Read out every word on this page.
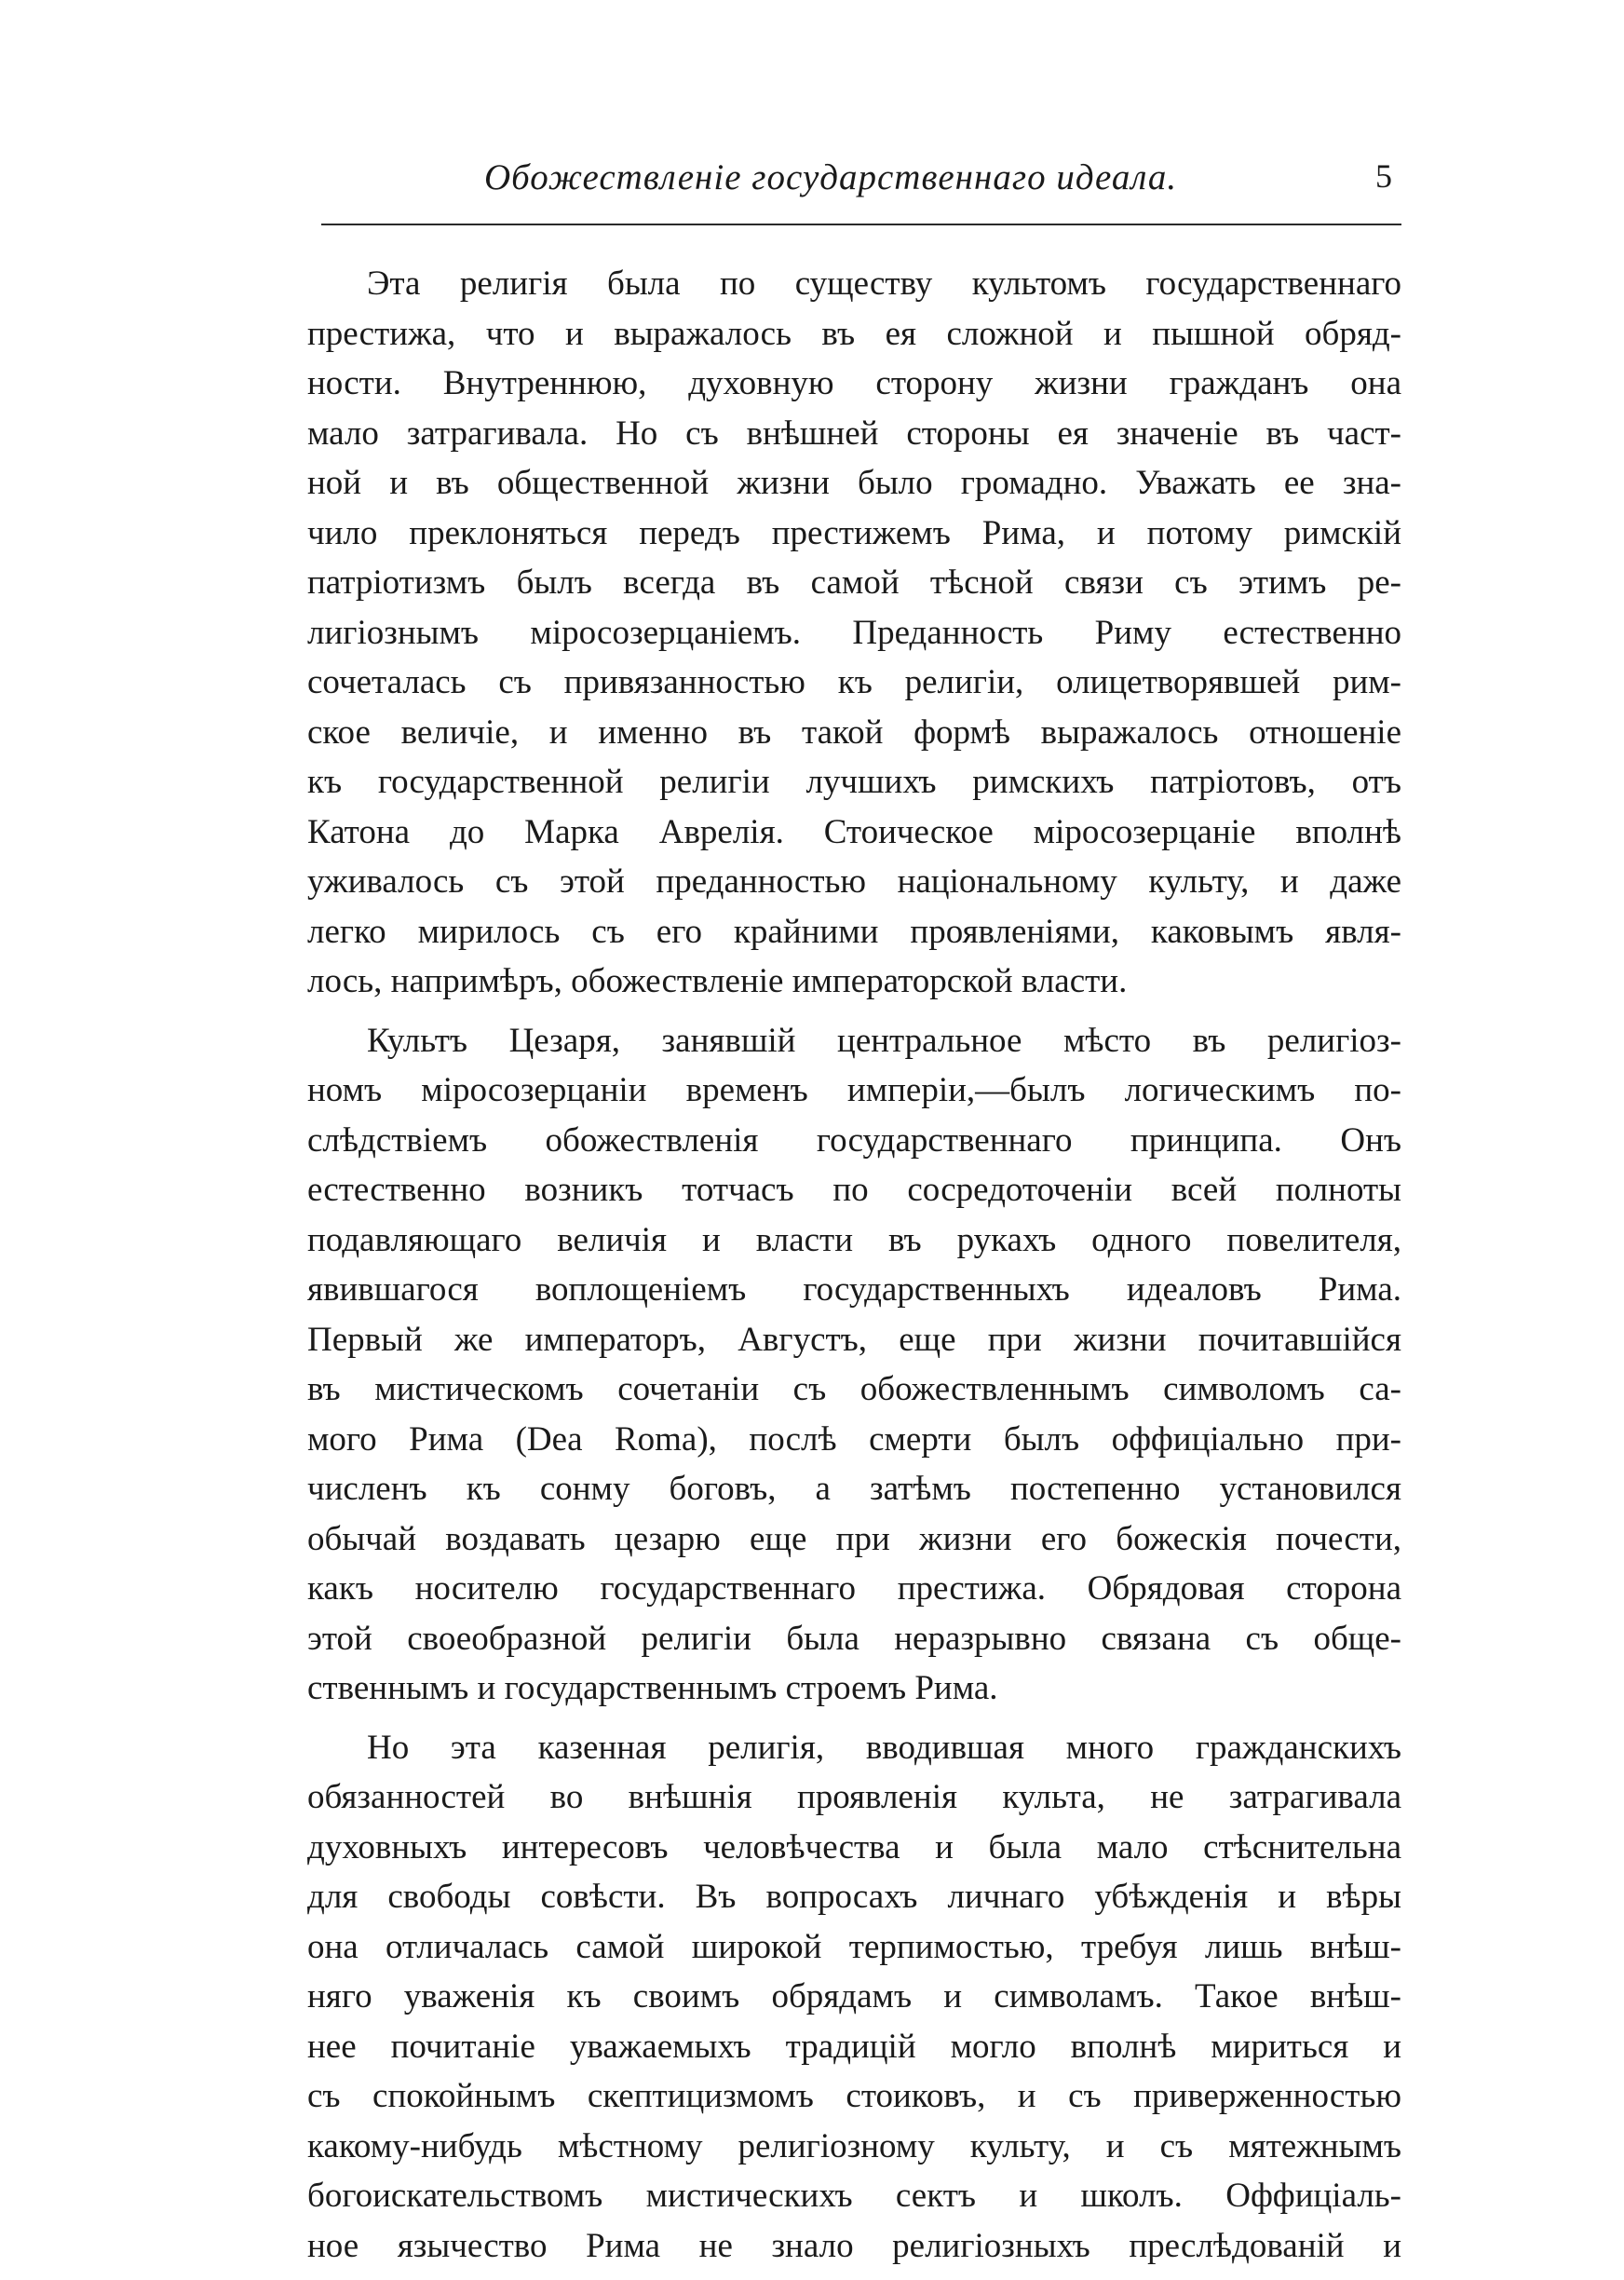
Обожествленіе государственнаго идеала.	5
Эта религія была по существу культомъ государственнаго
престижа, что и выражалось въ ея сложной и пышной обряд-
ности. Внутреннюю, духовную сторону жизни гражданъ она
мало затрагивала. Но съ внѣшней стороны ея значеніе въ част-
ной и въ общественной жизни было громадно. Уважать ее зна-
чило преклоняться передъ престижемъ Рима, и потому римскій
патріотизмъ былъ всегда въ самой тѣсной связи съ этимъ ре-
лигіознымъ міросозерцаніемъ. Преданность Риму естественно
сочеталась съ привязанностью къ религіи, олицетворявшей рим-
ское величіе, и именно въ такой формѣ выражалось отношеніе
къ государственной религіи лучшихъ римскихъ патріотовъ, отъ
Катона до Марка Аврелія. Стоическое міросозерцаніе вполнѣ
уживалось съ этой преданностью національному культу, и даже
легко мирилось съ его крайними проявленіями, каковымъ явля-
лось, напримѣръ, обожествленіе императорской власти.
Культъ Цезаря, занявшій центральное мѣсто въ религіоз-
номъ міросозерцаніи временъ имперіи,—былъ логическимъ по-
слѣдствіемъ обожествленія государственнаго принципа. Онъ
естественно возникъ тотчасъ по сосредоточеніи всей полноты
подавляющаго величія и власти въ рукахъ одного повелителя,
явившагося воплощеніемъ государственныхъ идеаловъ Рима.
Первый же императоръ, Августъ, еще при жизни почитавшійся
въ мистическомъ сочетаніи съ обожествленнымъ символомъ са-
мого Рима (Dea Roma), послѣ смерти былъ оффиціально при-
численъ къ сонму боговъ, а затѣмъ постепенно установился
обычай воздавать цезарю еще при жизни его божескія почести,
какъ носителю государственнаго престижа. Обрядовая сторона
этой своеобразной религіи была неразрывно связана съ обще-
ственнымъ и государственнымъ строемъ Рима.
Но эта казенная религія, вводившая много гражданскихъ
обязанностей во внѣшнія проявленія культа, не затрагивала
духовныхъ интересовъ человѣчества и была мало стѣснительна
для свободы совѣсти. Въ вопросахъ личнаго убѣжденія и вѣры
она отличалась самой широкой терпимостью, требуя лишь внѣш-
няго уваженія къ своимъ обрядамъ и символамъ. Такое внѣш-
нее почитаніе уважаемыхъ традицій могло вполнѣ мириться и
съ спокойнымъ скептицизмомъ стоиковъ, и съ приверженностью
какому-нибудь мѣстному религіозному культу, и съ мятежнымъ
богоискательствомъ мистическихъ сектъ и школъ. Оффиціаль-
ное язычество Рима не знало религіозныхъ преслѣдованій и
